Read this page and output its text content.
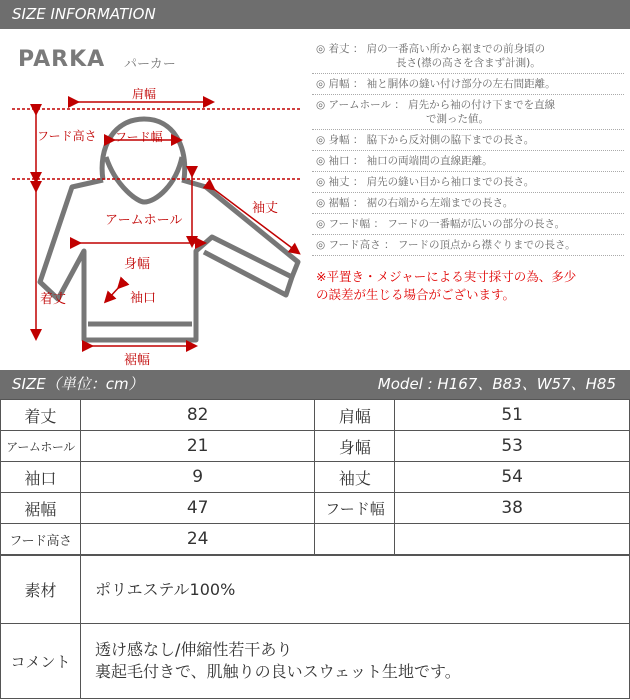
SIZE INFORMATION
PARKA パーカー
肩幅
フード高さ フード幅
袖丈
アームホール
身幅
袖口
着丈
裾幅
◎ 着丈 ： 肩の一番高い所から裾までの前身頃の
長さ(襟の高さを含まず計測)。
◎ 肩幅 ： 袖と胴体の縫い付け部分の左右間距離。
◎ アームホール ： 肩先から袖の付け下までを直線
で測った値。
◎ 身幅 ： 脇下から反対側の脇下までの長さ。
◎ 袖口 ： 袖口の両端間の直線距離。
◎ 袖丈 ： 肩先の縫い目から袖口までの長さ。
◎ 裾幅 ： 裾の右端から左端までの長さ。
◎ フード幅 ： フードの一番幅が広いの部分の長さ。
◎ フード高さ ： フードの頂点から襟ぐりまでの長さ。
※平置き・メジャーによる実寸採寸の為、多少
の誤差が生じる場合がございます。
SIZE（単位：cm）	Model : H167、B83、W57、H85
着丈	82	肩幅	51
アームホール	21	身幅	53
袖口	9	袖丈	54
裾幅	47	フード幅	38
フード高さ	24		
素材	ポリエステル100%
コメント	透け感なし/伸縮性若干あり
裏起毛付きで、肌触りの良いスウェット生地です。
